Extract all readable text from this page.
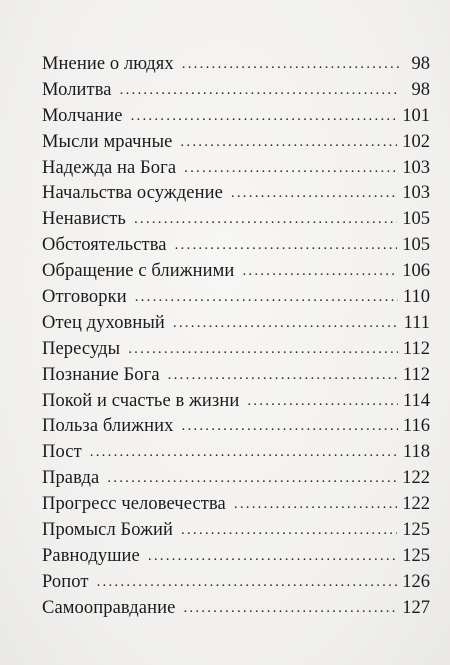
Мнение о людях .....	98
Молитва .....	98
Молчание .....	101
Мысли мрачные .....	102
Надежда на Бога .....	103
Начальства осуждение .....	103
Ненависть .....	105
Обстоятельства .....	105
Обращение с ближними .....	106
Отговорки .....	110
Отец духовный .....	111
Пересуды .....	112
Познание Бога .....	112
Покой и счастье в жизни .....	114
Польза ближних .....	116
Пост .....	118
Правда .....	122
Прогресс человечества .....	122
Промысл Божий .....	125
Равнодушие .....	125
Ропот .....	126
Самооправдание .....	127
